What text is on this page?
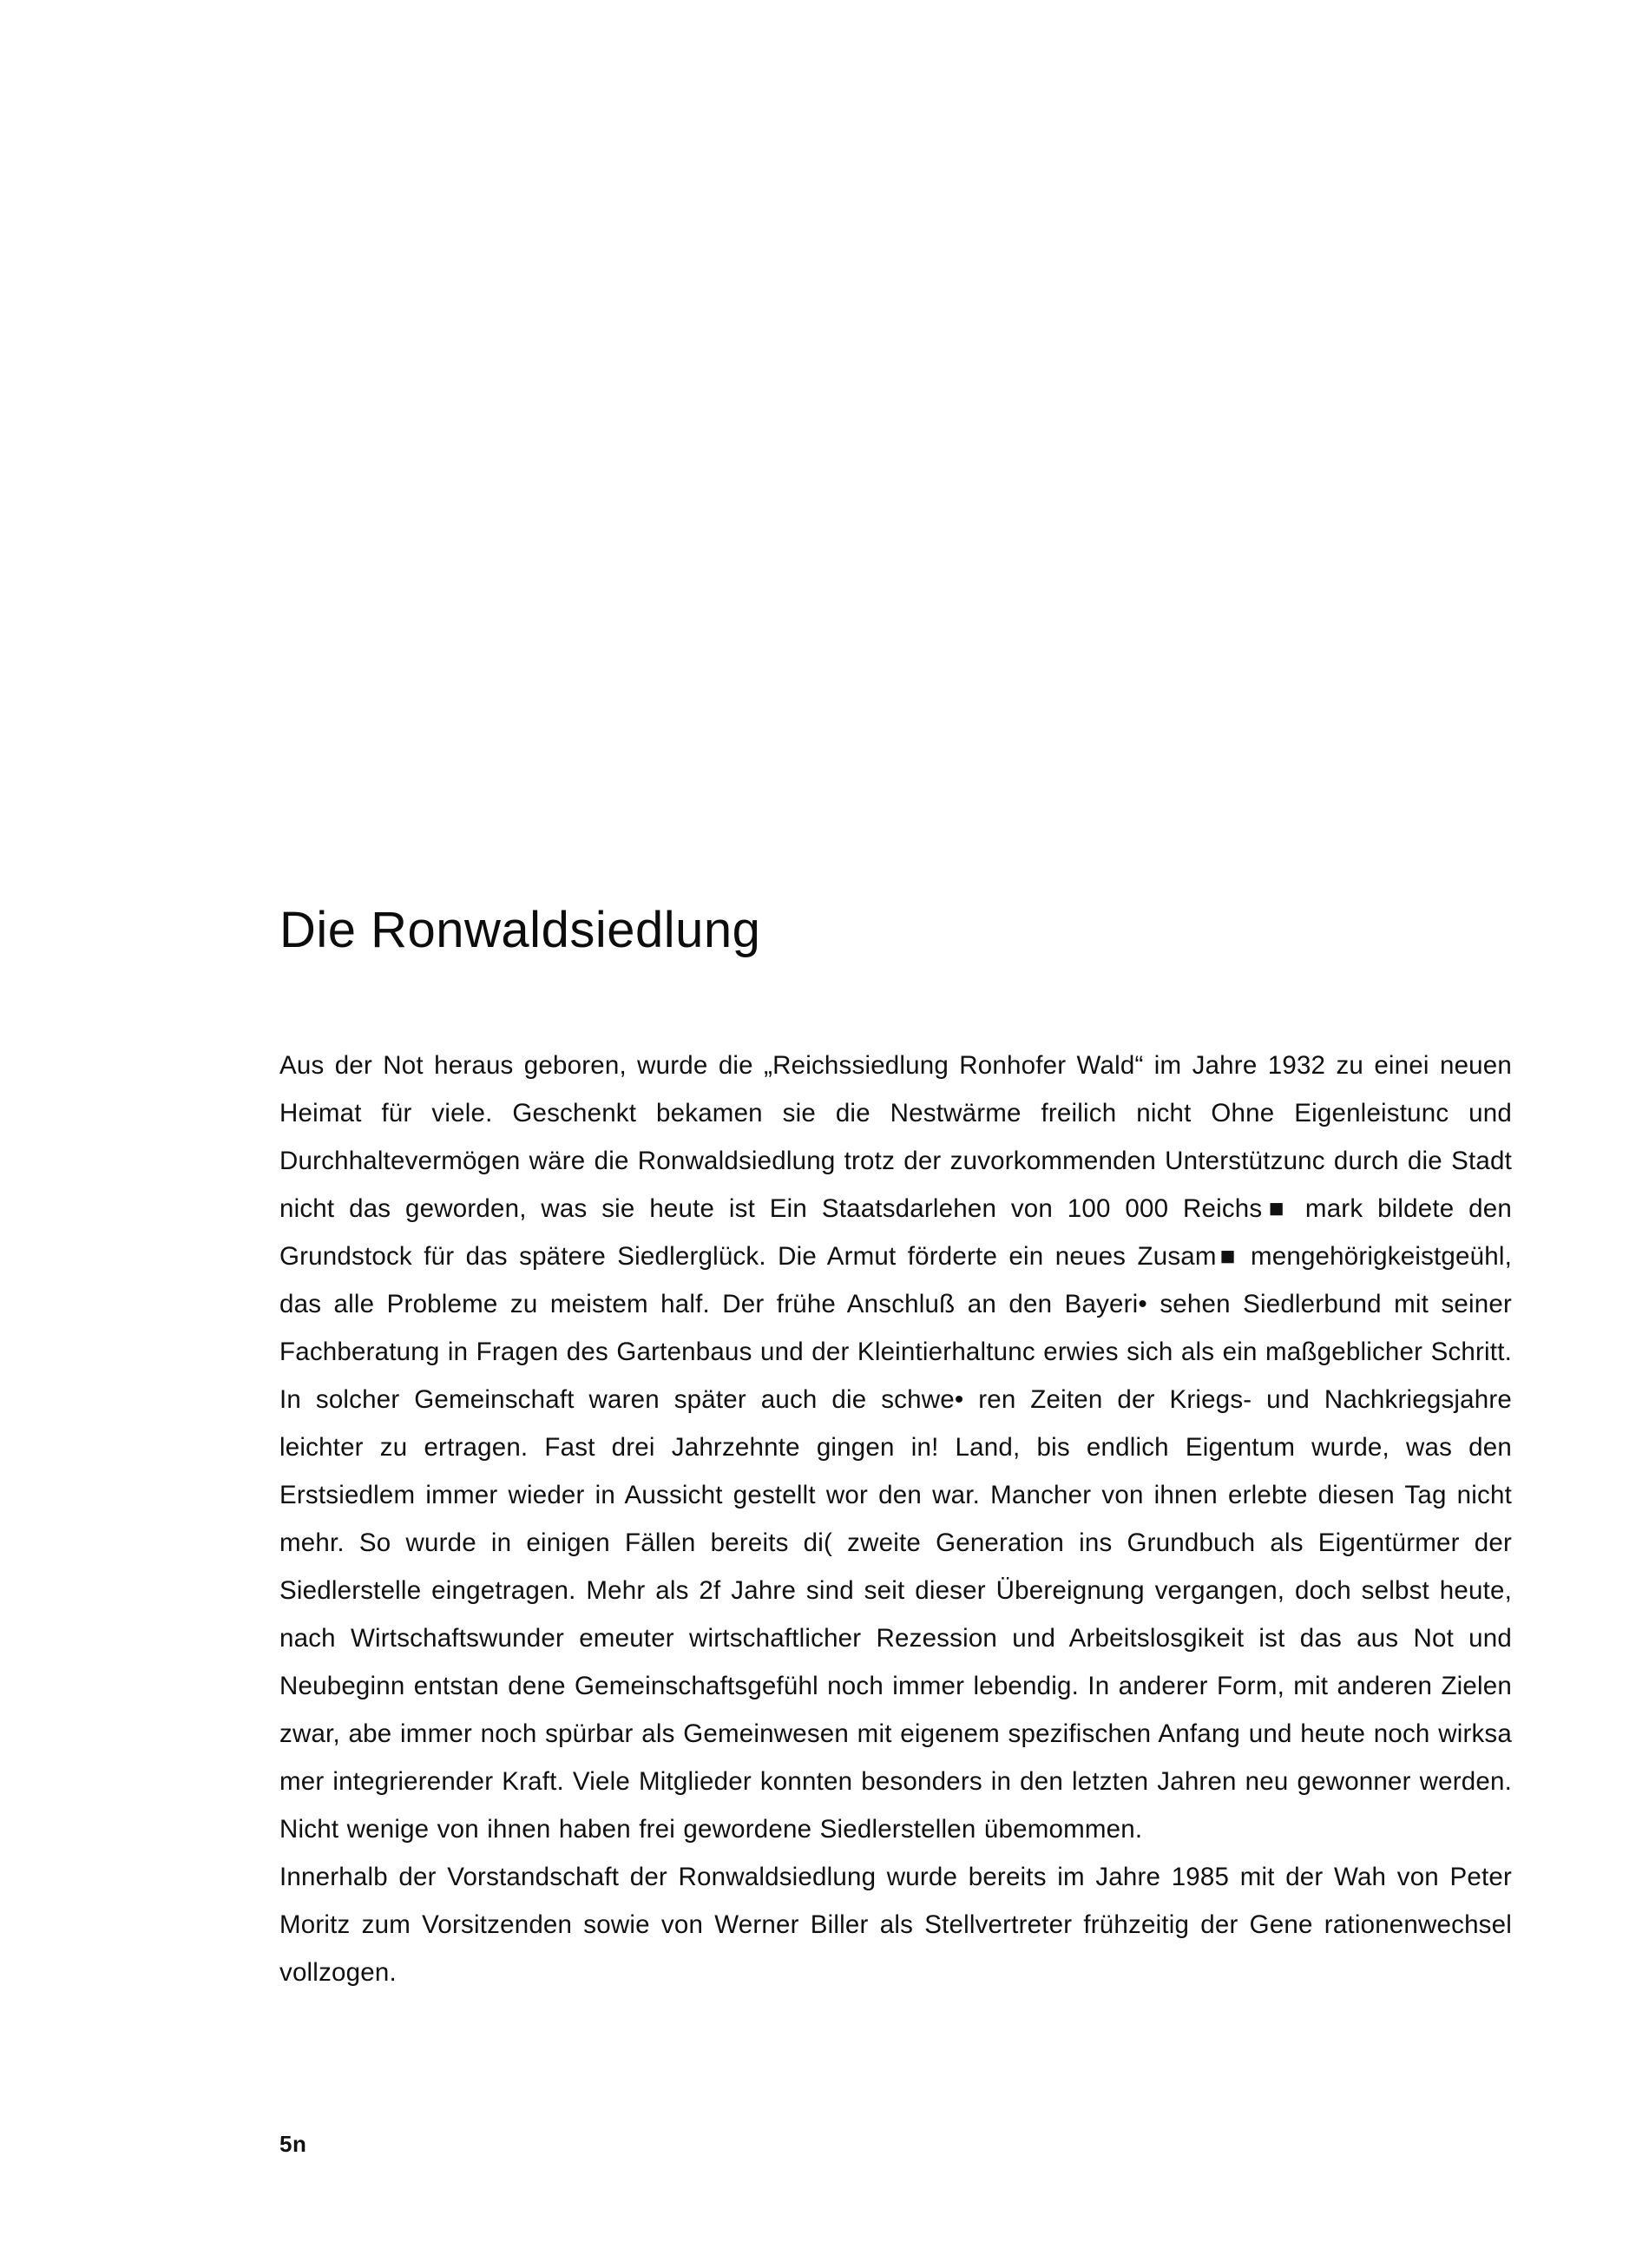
Die Ronwaldsiedlung

Aus der Not heraus geboren, wurde die „Reichssiedlung Ronhofer Wald“ im Jahre 1932 zu einei neuen Heimat für viele. Geschenkt bekamen sie die Nestwärme freilich nicht Ohne Eigenleistunc und Durchhaltevermögen wäre die Ronwaldsiedlung trotz der zuvorkommenden Unterstützunc durch die Stadt nicht das geworden, was sie heute ist Ein Staatsdarlehen von 100 000 Reichs■ mark bildete den Grundstock für das spätere Siedlerglück. Die Armut förderte ein neues Zusam■ mengehörigkeistgeühl, das alle Probleme zu meistem half. Der frühe Anschluß an den Bayeri• sehen Siedlerbund mit seiner Fachberatung in Fragen des Gartenbaus und der Kleintierhaltunc erwies sich als ein maßgeblicher Schritt. In solcher Gemeinschaft waren später auch die schwe• ren Zeiten der Kriegs- und Nachkriegsjahre leichter zu ertragen. Fast drei Jahrzehnte gingen in! Land, bis endlich Eigentum wurde, was den Erstsiedlem immer wieder in Aussicht gestellt wor den war. Mancher von ihnen erlebte diesen Tag nicht mehr. So wurde in einigen Fällen bereits di( zweite Generation ins Grundbuch als Eigentürmer der Siedlerstelle eingetragen. Mehr als 2f Jahre sind seit dieser Übereignung vergangen, doch selbst heute, nach Wirtschaftswunder emeuter wirtschaftlicher Rezession und Arbeitslosgikeit ist das aus Not und Neubeginn entstan dene Gemeinschaftsgefühl noch immer lebendig. In anderer Form, mit anderen Zielen zwar, abe immer noch spürbar als Gemeinwesen mit eigenem spezifischen Anfang und heute noch wirksa mer integrierender Kraft. Viele Mitglieder konnten besonders in den letzten Jahren neu gewonner werden. Nicht wenige von ihnen haben frei gewordene Siedlerstellen übemommen.

Innerhalb der Vorstandschaft der Ronwaldsiedlung wurde bereits im Jahre 1985 mit der Wah von Peter Moritz zum Vorsitzenden sowie von Werner Biller als Stellvertreter frühzeitig der Gene rationenwechsel vollzogen.

5n
